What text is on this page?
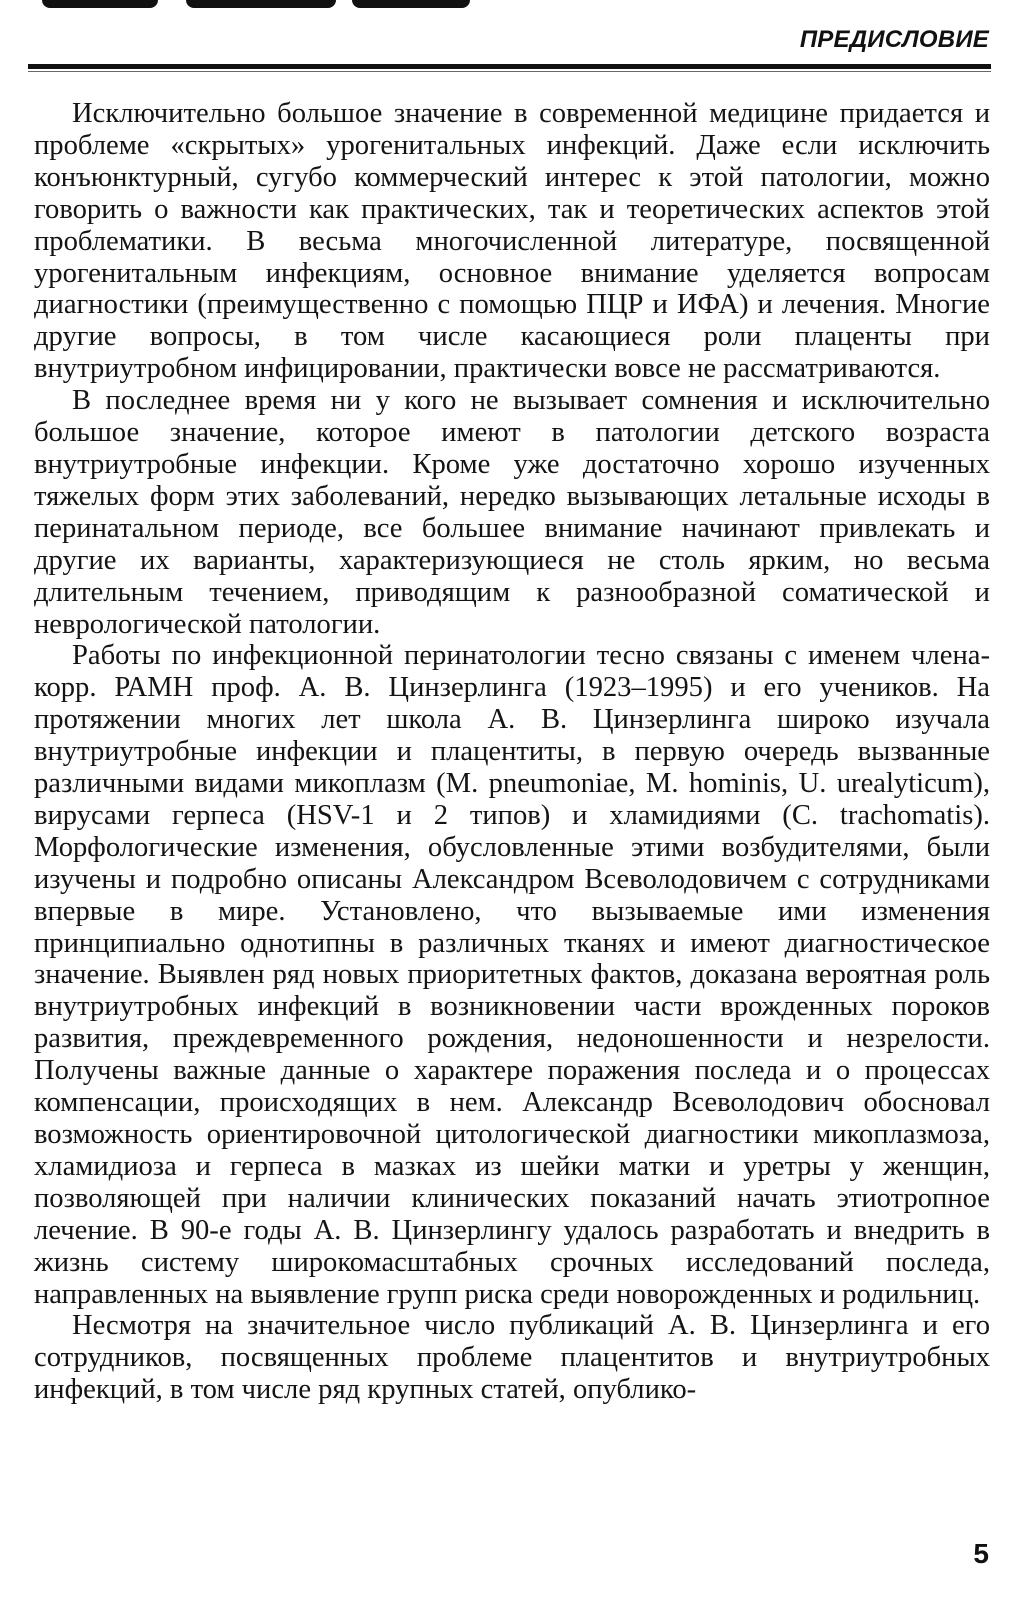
ПРЕДИСЛОВИЕ

Исключительно большое значение в современной медицине придается и проблеме «скрытых» урогенитальных инфекций. Даже если исключить конъюнктурный, сугубо коммерческий интерес к этой патологии, можно говорить о важности как практических, так и теоретических аспектов этой проблематики. В весьма многочисленной литературе, посвященной урогенитальным инфекциям, основное внимание уделяется вопросам диагностики (преимущественно с помощью ПЦР и ИФА) и лечения. Многие другие вопросы, в том числе касающиеся роли плаценты при внутриутробном инфицировании, практически вовсе не рассматриваются.

В последнее время ни у кого не вызывает сомнения и исключительно большое значение, которое имеют в патологии детского возраста внутриутробные инфекции. Кроме уже достаточно хорошо изученных тяжелых форм этих заболеваний, нередко вызывающих летальные исходы в перинатальном периоде, все большее внимание начинают привлекать и другие их варианты, характеризующиеся не столь ярким, но весьма длительным течением, приводящим к разнообразной соматической и неврологической патологии.

Работы по инфекционной перинатологии тесно связаны с именем члена-корр. РАМН проф. А. В. Цинзерлинга (1923–1995) и его учеников. На протяжении многих лет школа А. В. Цинзерлинга широко изучала внутриутробные инфекции и плацентиты, в первую очередь вызванные различными видами микоплазм (M. pneumoniae, M. hominis, U. urealyticum), вирусами герпеса (HSV-1 и 2 типов) и хламидиями (C. trachomatis). Морфологические изменения, обусловленные этими возбудителями, были изучены и подробно описаны Александром Всеволодовичем с сотрудниками впервые в мире. Установлено, что вызываемые ими изменения принципиально однотипны в различных тканях и имеют диагностическое значение. Выявлен ряд новых приоритетных фактов, доказана вероятная роль внутриутробных инфекций в возникновении части врожденных пороков развития, преждевременного рождения, недоношенности и незрелости. Получены важные данные о характере поражения последа и о процессах компенсации, происходящих в нем. Александр Всеволодович обосновал возможность ориентировочной цитологической диагностики микоплазмоза, хламидиоза и герпеса в мазках из шейки матки и уретры у женщин, позволяющей при наличии клинических показаний начать этиотропное лечение. В 90-е годы А. В. Цинзерлингу удалось разработать и внедрить в жизнь систему широкомасштабных срочных исследований последа, направленных на выявление групп риска среди новорожденных и родильниц.

Несмотря на значительное число публикаций А. В. Цинзерлинга и его сотрудников, посвященных проблеме плацентитов и внутриутробных инфекций, в том числе ряд крупных статей, опублико-

5
